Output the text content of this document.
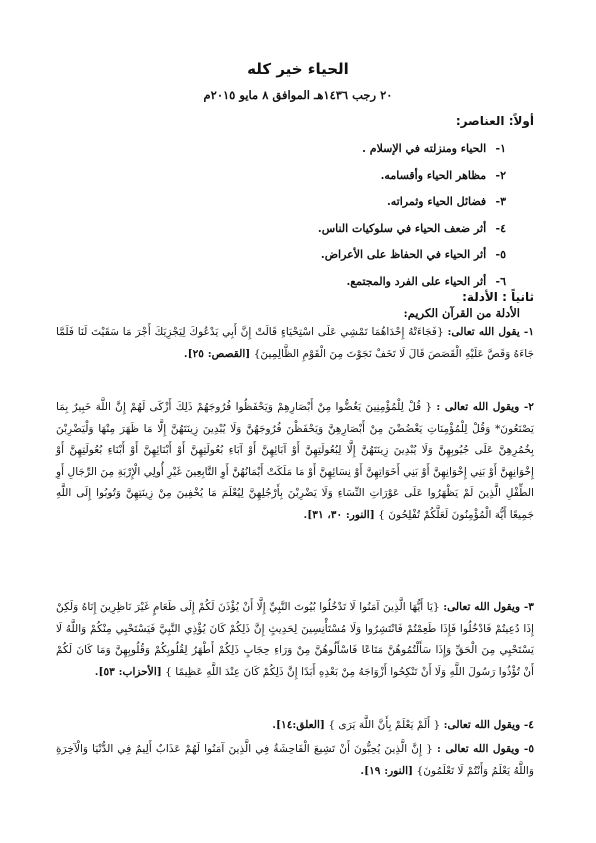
الحياء خير كله
٢٠ رجب ١٤٣٦هـ الموافق ٨ مايو ٢٠١٥م
أولاً: العناصر:
١- الحياء ومنزلته في الإسلام .
٢- مظاهر الحياء وأقسامه.
٣- فضائل الحياء وثمراته.
٤- أثر ضعف الحياء في سلوكيات الناس.
٥- أثر الحياء في الحفاظ على الأعراض.
٦- أثر الحياء على الفرد والمجتمع.
ثانياً : الأدلة:
الأدلة من القرآن الكريم:
١- يقول الله تعالى: {فَجَاءَتْهُ إِحْدَاهُمَا تَمْشِي عَلَى اسْتِحْيَاءٍ قَالَتْ إِنَّ أَبِي يَدْعُوكَ لِيَجْزِيَكَ أَجْرَ مَا سَقَيْتَ لَنَا فَلَمَّا جَاءَهُ وَقَصَّ عَلَيْهِ الْقَصَصَ قَالَ لَا تَخَفْ نَجَوْتَ مِنَ الْقَوْمِ الظَّالِمِينَ} [القصص: ٢٥].
٢- ويقول الله تعالى : { قُلْ لِلْمُؤْمِنِينَ يَغُضُّوا مِنْ أَبْصَارِهِمْ وَيَحْفَظُوا فُرُوجَهُمْ ذَلِكَ أَزْكَى لَهُمْ إِنَّ اللَّهَ خَبِيرٌ بِمَا يَصْنَعُونَ* وَقُلْ لِلْمُؤْمِنَاتِ يَغْضُضْنَ مِنْ أَبْصَارِهِنَّ وَيَحْفَظْنَ فُرُوجَهُنَّ وَلَا يُبْدِينَ زِينَتَهُنَّ إِلَّا مَا ظَهَرَ مِنْهَا وَلْيَضْرِبْنَ بِخُمُرِهِنَّ عَلَى جُيُوبِهِنَّ وَلَا يُبْدِينَ زِينَتَهُنَّ إِلَّا لِبُعُولَتِهِنَّ أَوْ آبَائِهِنَّ أَوْ آبَاءِ بُعُولَتِهِنَّ أَوْ أَبْنَائِهِنَّ أَوْ أَبْنَاءِ بُعُولَتِهِنَّ أَوْ إِخْوَانِهِنَّ أَوْ بَنِي إِخْوَانِهِنَّ أَوْ بَنِي أَخَوَاتِهِنَّ أَوْ نِسَائِهِنَّ أَوْ مَا مَلَكَتْ أَيْمَانُهُنَّ أَوِ التَّابِعِينَ غَيْرِ أُولِي الْإِرْبَةِ مِنَ الرِّجَالِ أَوِ الطِّفْلِ الَّذِينَ لَمْ يَظْهَرُوا عَلَى عَوْرَاتِ النِّسَاءِ وَلَا يَضْرِبْنَ بِأَرْجُلِهِنَّ لِيُعْلَمَ مَا يُخْفِينَ مِنْ زِينَتِهِنَّ وَتُوبُوا إِلَى اللَّهِ جَمِيعًا أَيُّهَ الْمُؤْمِنُونَ لَعَلَّكُمْ تُفْلِحُونَ } [النور: ٣٠، ٣١].
٣- ويقول الله تعالى: {يَا أَيُّهَا الَّذِينَ آمَنُوا لَا تَدْخُلُوا بُيُوتَ النَّبِيِّ إِلَّا أَنْ يُؤْذَنَ لَكُمْ إِلَى طَعَامٍ غَيْرَ نَاظِرِينَ إِنَاهُ وَلَكِنْ إِذَا دُعِيتُمْ فَادْخُلُوا فَإِذَا طَعِمْتُمْ فَانْتَشِرُوا وَلَا مُسْتَأْنِسِينَ لِحَدِيثٍ إِنَّ ذَلِكُمْ كَانَ يُؤْذِي النَّبِيَّ فَيَسْتَحْيِي مِنْكُمْ وَاللَّهُ لَا يَسْتَحْيِي مِنَ الْحَقِّ وَإِذَا سَأَلْتُمُوهُنَّ مَتَاعًا فَاسْأَلُوهُنَّ مِنْ وَرَاءِ حِجَابٍ ذَلِكُمْ أَطْهَرُ لِقُلُوبِكُمْ وَقُلُوبِهِنَّ وَمَا كَانَ لَكُمْ أَنْ تُؤْذُوا رَسُولَ اللَّهِ وَلَا أَنْ تَنْكِحُوا أَزْوَاجَهُ مِنْ بَعْدِهِ أَبَدًا إِنَّ ذَلِكُمْ كَانَ عِنْدَ اللَّهِ عَظِيمًا } [الأحزاب: ٥٣].
٤- ويقول الله تعالى: { أَلَمْ يَعْلَمْ بِأَنَّ اللَّهَ يَرَى } [العلق:١٤].
٥- ويقول الله تعالى : { إِنَّ الَّذِينَ يُحِبُّونَ أَنْ تَشِيعَ الْفَاحِشَةُ فِي الَّذِينَ آمَنُوا لَهُمْ عَذَابٌ أَلِيمٌ فِي الدُّنْيَا وَالْآخِرَةِ وَاللَّهُ يَعْلَمُ وَأَنْتُمْ لَا تَعْلَمُونَ} [النور: ١٩].
